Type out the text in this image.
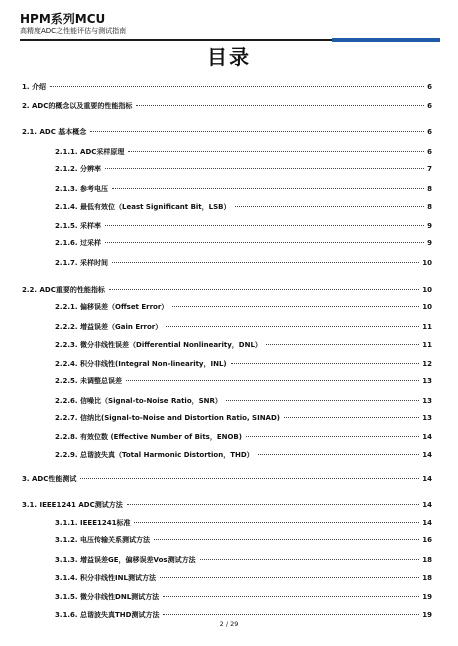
HPM系列MCU
高精度ADC之性能评估与测试指南
目录
1. 介绍	6
2. ADC的概念以及重要的性能指标	6
2.1. ADC 基本概念	6
2.1.1. ADC采样原理	6
2.1.2. 分辨率	7
2.1.3. 参考电压	8
2.1.4. 最低有效位（Least Significant Bit，LSB）	8
2.1.5. 采样率	9
2.1.6. 过采样	9
2.1.7. 采样时间	10
2.2. ADC重要的性能指标	10
2.2.1. 偏移误差（Offset Error）	10
2.2.2. 增益误差（Gain Error）	11
2.2.3. 微分非线性误差（Differential Nonlinearity，DNL）	11
2.2.4. 积分非线性(Integral Non-linearity，INL)	12
2.2.5. 未调整总误差	13
2.2.6. 信噪比（Signal-to-Noise Ratio，SNR）	13
2.2.7. 信纳比(Signal-to-Noise and Distortion Ratio, SINAD)	13
2.2.8. 有效位数 (Effective Number of Bits，ENOB)	14
2.2.9. 总谐波失真（Total Harmonic Distortion，THD）	14
3. ADC性能测试	14
3.1. IEEE1241 ADC测试方法	14
3.1.1. IEEE1241标准	14
3.1.2. 电压传输关系测试方法	16
3.1.3. 增益误差GE，偏移误差Vos测试方法	18
3.1.4. 积分非线性INL测试方法	18
3.1.5. 微分非线性DNL测试方法	19
3.1.6. 总谐波失真THD测试方法	19
2 / 29
